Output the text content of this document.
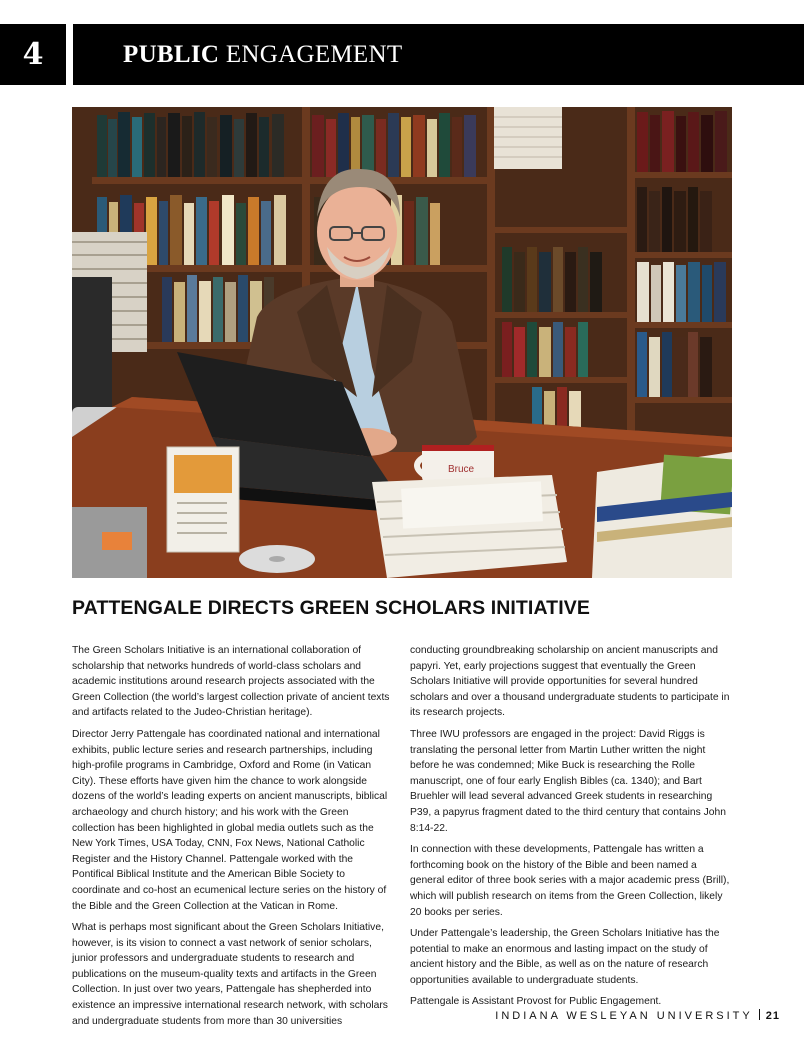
4	PUBLIC ENGAGEMENT
Bruce
PATTENGALE DIRECTS GREEN SCHOLARS INITIATIVE

The Green Scholars Initiative is an international collaboration of scholarship that networks hundreds of world-class scholars and academic institutions around research projects associated with the Green Collection (the world’s largest collection private of ancient texts and artifacts related to the Judeo-Christian heritage).

Director Jerry Pattengale has coordinated national and international exhibits, public lecture series and research partnerships, including high-profile programs in Cambridge, Oxford and Rome (in Vatican City). These efforts have given him the chance to work alongside dozens of the world’s leading experts on ancient manuscripts, biblical archaeology and church history; and his work with the Green collection has been highlighted in global media outlets such as the New York Times, USA Today, CNN, Fox News, National Catholic Register and the History Channel. Pattengale worked with the Pontifical Biblical Institute and the American Bible Society to coordinate and co-host an ecumenical lecture series on the history of the Bible and the Green Collection at the Vatican in Rome.

What is perhaps most significant about the Green Scholars Initiative, however, is its vision to connect a vast network of senior scholars, junior professors and undergraduate students to research and publications on the museum-quality texts and artifacts in the Green Collection. In just over two years, Pattengale has shepherded into existence an impressive international research network, with scholars and undergraduate students from more than 30 universities

conducting groundbreaking scholarship on ancient manuscripts and papyri. Yet, early projections suggest that eventually the Green Scholars Initiative will provide opportunities for several hundred scholars and over a thousand undergraduate students to participate in its research projects.

Three IWU professors are engaged in the project: David Riggs is translating the personal letter from Martin Luther written the night before he was condemned; Mike Buck is researching the Rolle manuscript, one of four early English Bibles (ca. 1340); and Bart Bruehler will lead several advanced Greek students in researching P39, a papyrus fragment dated to the third century that contains John 8:14-22.

In connection with these developments, Pattengale has written a forthcoming book on the history of the Bible and been named a general editor of three book series with a major academic press (Brill), which will publish research on items from the Green Collection, likely 20 books per series.

Under Pattengale’s leadership, the Green Scholars Initiative has the potential to make an enormous and lasting impact on the study of ancient history and the Bible, as well as on the nature of research opportunities available to undergraduate students.

Pattengale is Assistant Provost for Public Engagement.

INDIANA WESLEYAN UNIVERSITY 21
